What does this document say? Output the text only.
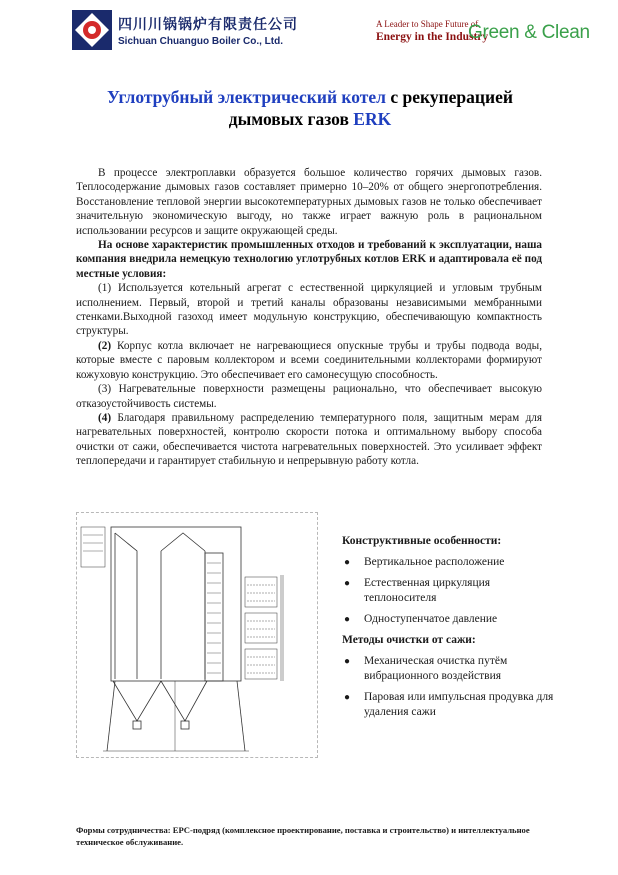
四川川锅锅炉有限责任公司
Sichuan Chuanguo Boiler Co., Ltd.
A Leader to Shape Future of
Energy in the Industry
Green & Clean
Углотрубный электрический котел с рекуперацией
дымовых газов ERK

В процессе электроплавки образуется большое количество горячих дымовых газов. Теплосодержание дымовых газов составляет примерно 10–20% от общего энергопотребления. Восстановление тепловой энергии высокотемпературных дымовых газов не только обеспечивает значительную экономическую выгоду, но также играет важную роль в рациональном использовании ресурсов и защите окружающей среды.

На основе характеристик промышленных отходов и требований к эксплуатации, наша компания внедрила немецкую технологию углотрубных котлов ERK и адаптировала её под местные условия:

(1) Используется котельный агрегат с естественной циркуляцией и угловым трубным исполнением. Первый, второй и третий каналы образованы независимыми мембранными стенками.Выходной газоход имеет модульную конструкцию, обеспечивающую компактность структуры.

(2) Корпус котла включает не нагревающиеся опускные трубы и трубы подвода воды, которые вместе с паровым коллектором и всеми соединительными коллекторами формируют кожуховую конструкцию. Это обеспечивает его самонесущую способность.

(3) Нагревательные поверхности размещены рационально, что обеспечивает высокую отказоустойчивость системы.

(4) Благодаря правильному распределению температурного поля, защитным мерам для нагревательных поверхностей, контролю скорости потока и оптимальному выбору способа очистки от сажи, обеспечивается чистота нагревательных поверхностей. Это усиливает эффект теплопередачи и гарантирует стабильную и непрерывную работу котла.

Конструктивные особенности:
● Вертикальное расположение
● Естественная циркуляция теплоносителя
● Одноступенчатое давление
Методы очистки от сажи:
● Механическая очистка путём вибрационного воздействия
● Паровая или импульсная продувка для удаления сажи
Формы сотрудничества: EPC-подряд (комплексное проектирование, поставка и строительство) и интеллектуальное техническое обслуживание.
